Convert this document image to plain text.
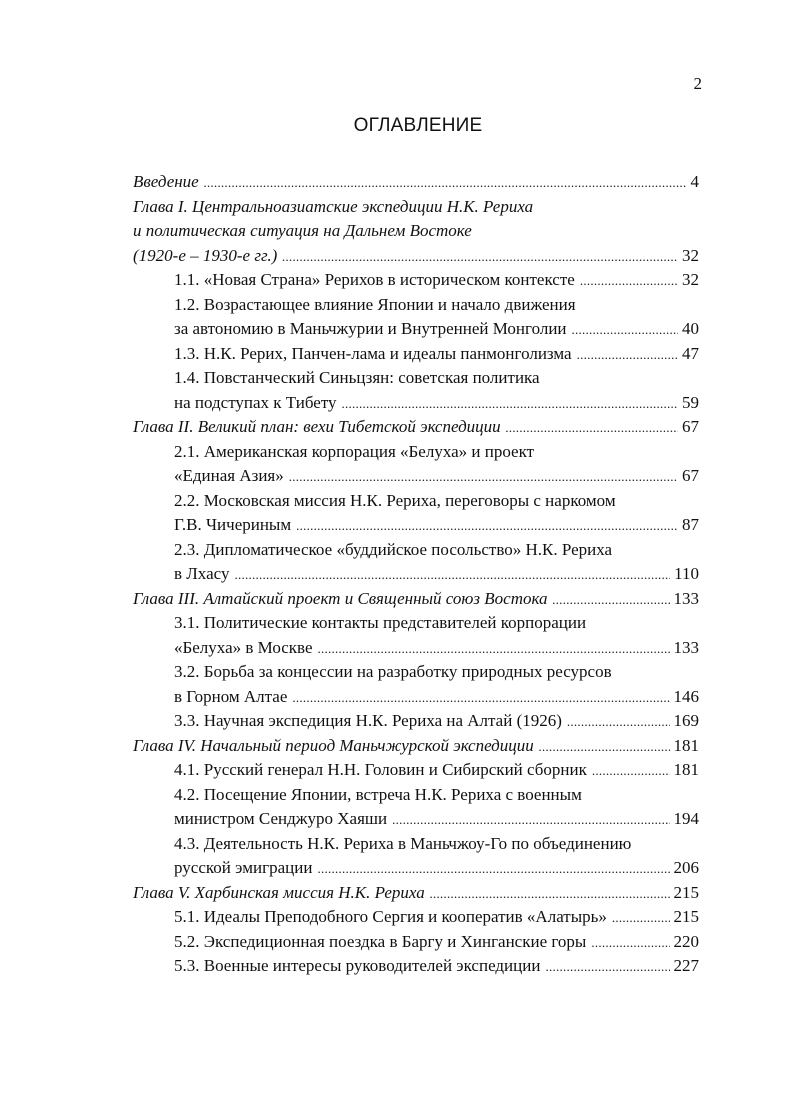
2
ОГЛАВЛЕНИЕ
Введение . . .	4
Глава I. Центральноазиатские экспедиции Н.К. Рериха
и политическая ситуация на Дальнем Востоке
(1920-е – 1930-е гг.) . . .	32
1.1. «Новая Страна» Рерихов в историческом контексте . . .	32
1.2. Возрастающее влияние Японии и начало движения
за автономию в Маньчжурии и Внутренней Монголии . . .	40
1.3. Н.К. Рерих, Панчен-лама и идеалы панмонголизма . . .	47
1.4. Повстанческий Синьцзян: советская политика
на подступах к Тибету . . .	59
Глава II. Великий план: вехи Тибетской экспедиции . . .	67
2.1. Американская корпорация «Белуха» и проект
«Единая Азия» . . .	67
2.2. Московская миссия Н.К. Рериха, переговоры с наркомом
Г.В. Чичериным . . .	87
2.3. Дипломатическое «буддийское посольство» Н.К. Рериха
в Лхасу . . .	110
Глава III. Алтайский проект и Священный союз Востока . . .	133
3.1. Политические контакты представителей корпорации
«Белуха» в Москве . . .	133
3.2. Борьба за концессии на разработку природных ресурсов
в Горном Алтае . . .	146
3.3. Научная экспедиция Н.К. Рериха на Алтай (1926) . . .	169
Глава IV. Начальный период Маньчжурской экспедиции . . .	181
4.1. Русский генерал Н.Н. Головин и Сибирский сборник . . .	181
4.2. Посещение Японии, встреча Н.К. Рериха с военным
министром Сенджуро Хаяши . . .	194
4.3. Деятельность Н.К. Рериха в Маньчжоу-Го по объединению
русской эмиграции . . .	206
Глава V. Харбинская миссия Н.К. Рериха . . .	215
5.1. Идеалы Преподобного Сергия и кооператив «Алатырь» . . .	215
5.2. Экспедиционная поездка в Баргу и Хинганские горы . . .	220
5.3. Военные интересы руководителей экспедиции . . .	227
